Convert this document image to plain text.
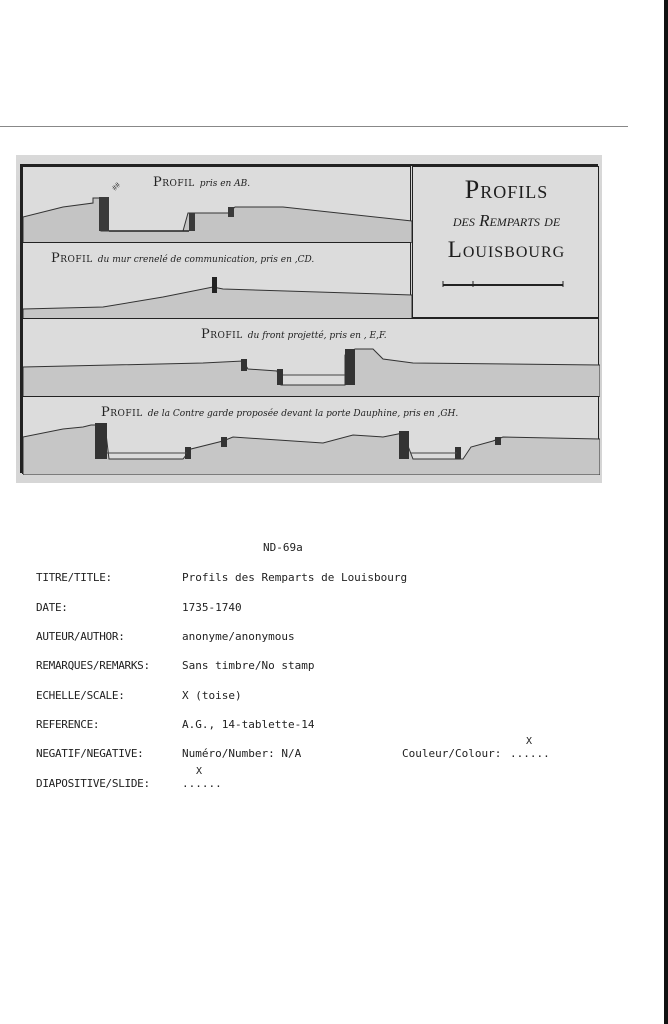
## Profil pris en AB.
Profil du mur crenelé de communication, pris en ,CD.
Profils
des Remparts de
Louisbourg
Profil du front projetté, pris en , E,F.
Profil de la Contre garde proposée devant la porte Dauphine, pris en ,GH.
ND-69a
TITRE/TITLE:	Profils des Remparts de Louisbourg
DATE:	1735-1740
AUTEUR/AUTHOR:	anonyme/anonymous
REMARQUES/REMARKS:	Sans timbre/No stamp
ECHELLE/SCALE:	X (toise)
REFERENCE:	A.G., 14-tablette-14
NEGATIF/NEGATIVE:	Numéro/Number: N/A	Couleur/Colour: ......
X
DIAPOSITIVE/SLIDE:	......
X
